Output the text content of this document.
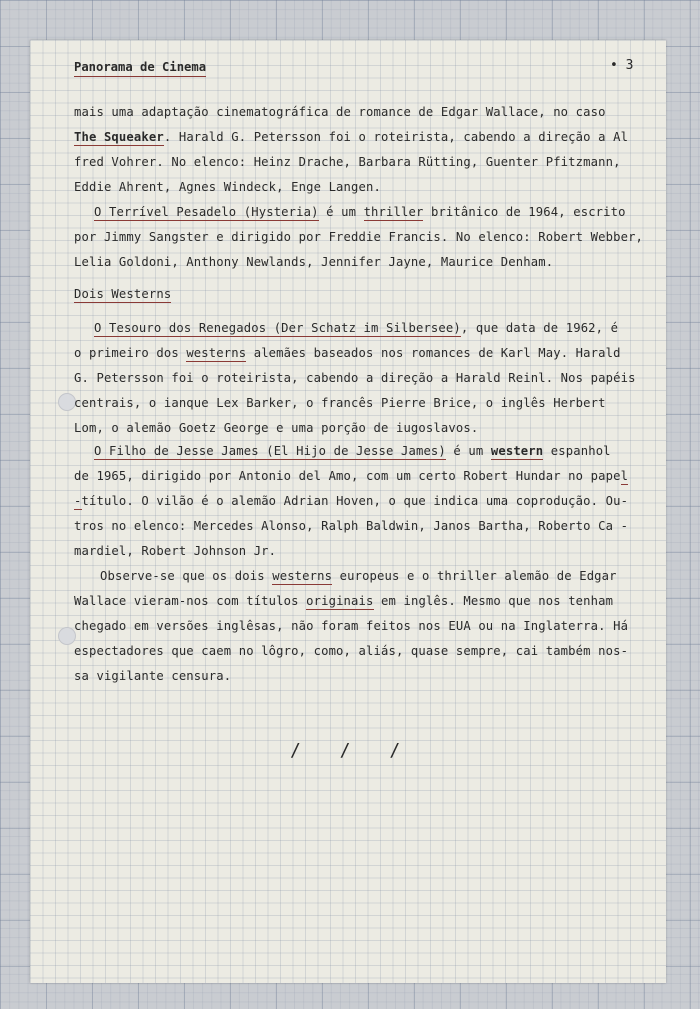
Panorama de Cinema	• 3
mais uma adaptação cinematográfica de romance de Edgar Wallace, no caso
The Squeaker. Harald G. Petersson foi o roteirista, cabendo a direção a Al
fred Vohrer. No elenco: Heinz Drache, Barbara Rütting, Guenter Pfitzmann,
Eddie Ahrent, Agnes Windeck, Enge Langen.
O Terrível Pesadelo (Hysteria) é um thriller britânico de 1964, escrito
por Jimmy Sangster e dirigido por Freddie Francis. No elenco: Robert Webber,
Lelia Goldoni, Anthony Newlands, Jennifer Jayne, Maurice Denham.
Dois Westerns
O Tesouro dos Renegados (Der Schatz im Silbersee), que data de 1962, é
o primeiro dos westerns alemães baseados nos romances de Karl May. Harald
G. Petersson foi o roteirista, cabendo a direção a Harald Reinl. Nos papéis
centrais, o ianque Lex Barker, o francês Pierre Brice, o inglês Herbert
Lom, o alemão Goetz George e uma porção de iugoslavos.
O Filho de Jesse James (El Hijo de Jesse James) é um western espanhol
de 1965, dirigido por Antonio del Amo, com um certo Robert Hundar no papel
-título. O vilão é o alemão Adrian Hoven, o que indica uma coprodução. Ou-
tros no elenco: Mercedes Alonso, Ralph Baldwin, Janos Bartha, Roberto Ca -
mardiel, Robert Johnson Jr.
Observe-se que os dois westerns europeus e o thriller alemão de Edgar
Wallace vieram-nos com títulos originais em inglês. Mesmo que nos tenham
chegado em versões inglêsas, não foram feitos nos EUA ou na Inglaterra. Há
espectadores que caem no lôgro, como, aliás, quase sempre, cai também nos-
sa vigilante censura.
/ / /
